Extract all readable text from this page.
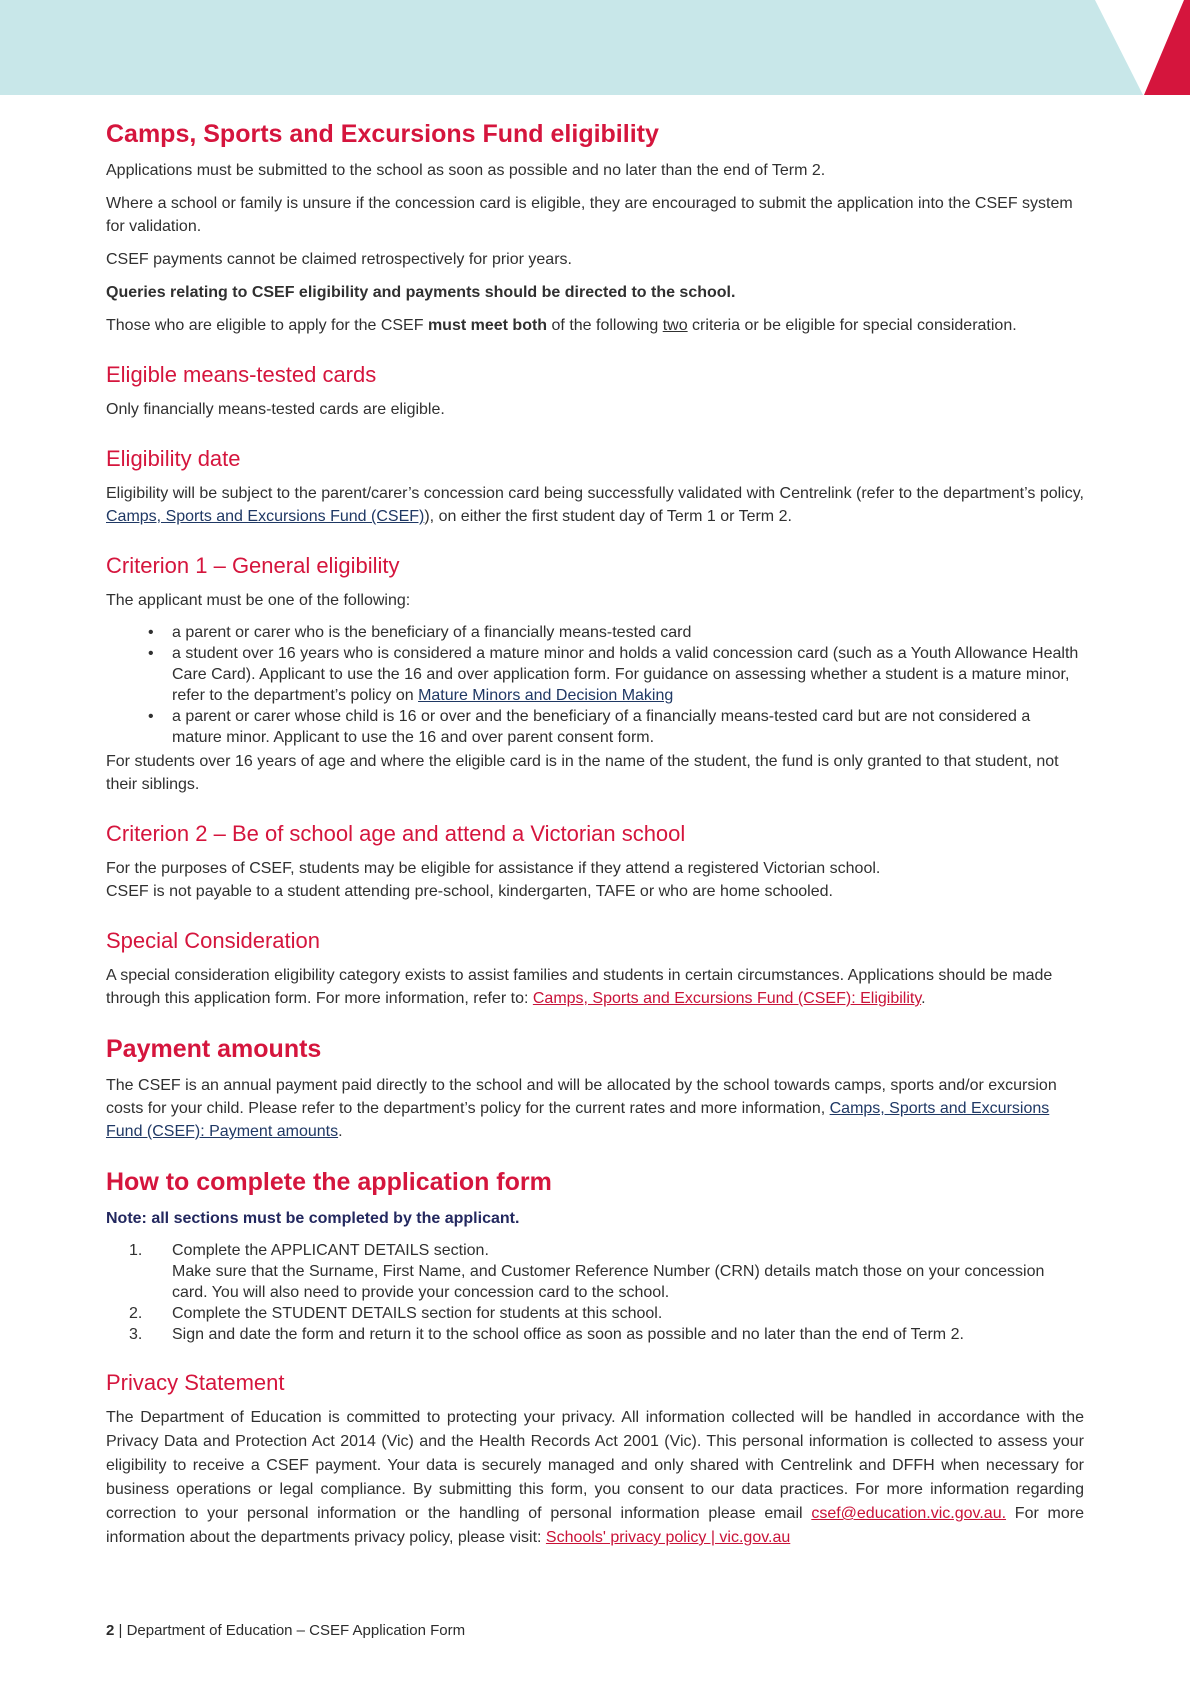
Camps, Sports and Excursions Fund eligibility

Applications must be submitted to the school as soon as possible and no later than the end of Term 2.

Where a school or family is unsure if the concession card is eligible, they are encouraged to submit the application into the CSEF system for validation.

CSEF payments cannot be claimed retrospectively for prior years.

Queries relating to CSEF eligibility and payments should be directed to the school.

Those who are eligible to apply for the CSEF must meet both of the following two criteria or be eligible for special consideration.

Eligible means-tested cards

Only financially means-tested cards are eligible.

Eligibility date

Eligibility will be subject to the parent/carer’s concession card being successfully validated with Centrelink (refer to the department’s policy, Camps, Sports and Excursions Fund (CSEF)), on either the first student day of Term 1 or Term 2.

Criterion 1 – General eligibility

The applicant must be one of the following:

• a parent or carer who is the beneficiary of a financially means-tested card
• a student over 16 years who is considered a mature minor and holds a valid concession card (such as a Youth Allowance Health Care Card). Applicant to use the 16 and over application form. For guidance on assessing whether a student is a mature minor, refer to the department’s policy on Mature Minors and Decision Making
• a parent or carer whose child is 16 or over and the beneficiary of a financially means-tested card but are not considered a mature minor. Applicant to use the 16 and over parent consent form.

For students over 16 years of age and where the eligible card is in the name of the student, the fund is only granted to that student, not their siblings.

Criterion 2 – Be of school age and attend a Victorian school

For the purposes of CSEF, students may be eligible for assistance if they attend a registered Victorian school.
CSEF is not payable to a student attending pre-school, kindergarten, TAFE or who are home schooled.

Special Consideration

A special consideration eligibility category exists to assist families and students in certain circumstances. Applications should be made through this application form. For more information, refer to: Camps, Sports and Excursions Fund (CSEF): Eligibility.

Payment amounts

The CSEF is an annual payment paid directly to the school and will be allocated by the school towards camps, sports and/or excursion costs for your child. Please refer to the department’s policy for the current rates and more information, Camps, Sports and Excursions Fund (CSEF): Payment amounts.

How to complete the application form

Note: all sections must be completed by the applicant.

1. Complete the APPLICANT DETAILS section.
Make sure that the Surname, First Name, and Customer Reference Number (CRN) details match those on your concession card. You will also need to provide your concession card to the school.
2. Complete the STUDENT DETAILS section for students at this school.
3. Sign and date the form and return it to the school office as soon as possible and no later than the end of Term 2.
Privacy Statement

The Department of Education is committed to protecting your privacy. All information collected will be handled in accordance with the Privacy Data and Protection Act 2014 (Vic) and the Health Records Act 2001 (Vic). This personal information is collected to assess your eligibility to receive a CSEF payment. Your data is securely managed and only shared with Centrelink and DFFH when necessary for business operations or legal compliance. By submitting this form, you consent to our data practices. For more information regarding correction to your personal information or the handling of personal information please email csef@education.vic.gov.au. For more information about the departments privacy policy, please visit: Schools' privacy policy | vic.gov.au

2 | Department of Education – CSEF Application Form
